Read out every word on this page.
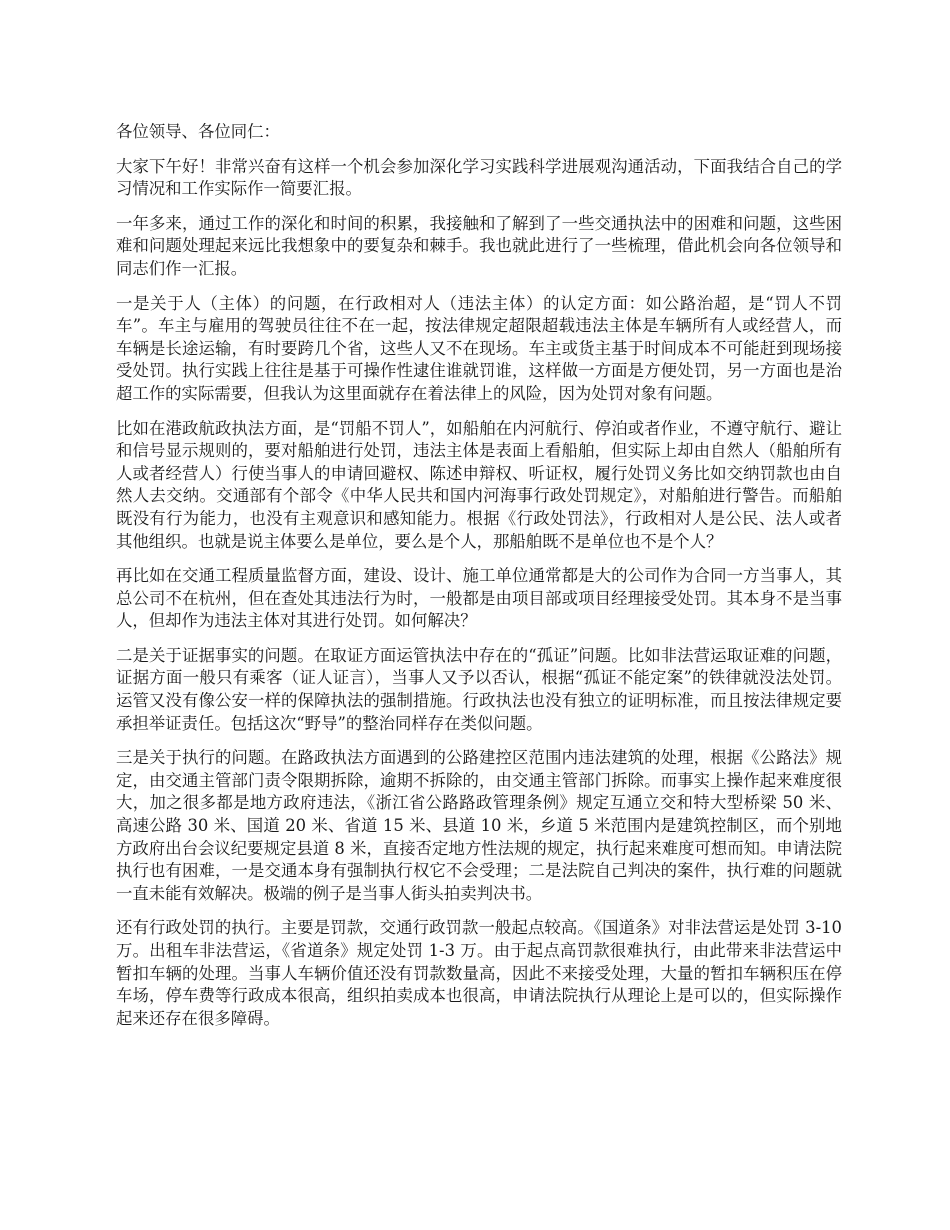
各位领导、各位同仁：

大家下午好！非常兴奋有这样一个机会参加深化学习实践科学进展观沟通活动，下面我结合自己的学习情况和工作实际作一简要汇报。

一年多来，通过工作的深化和时间的积累，我接触和了解到了一些交通执法中的困难和问题，这些困难和问题处理起来远比我想象中的要复杂和棘手。我也就此进行了一些梳理，借此机会向各位领导和同志们作一汇报。

一是关于人（主体）的问题，在行政相对人（违法主体）的认定方面：如公路治超，是“罚人不罚车”。车主与雇用的驾驶员往往不在一起，按法律规定超限超载违法主体是车辆所有人或经营人，而车辆是长途运输，有时要跨几个省，这些人又不在现场。车主或货主基于时间成本不可能赶到现场接受处罚。执行实践上往往是基于可操作性逮住谁就罚谁，这样做一方面是方便处罚，另一方面也是治超工作的实际需要，但我认为这里面就存在着法律上的风险，因为处罚对象有问题。

比如在港政航政执法方面，是“罚船不罚人”，如船舶在内河航行、停泊或者作业，不遵守航行、避让和信号显示规则的，要对船舶进行处罚，违法主体是表面上看船舶，但实际上却由自然人（船舶所有人或者经营人）行使当事人的申请回避权、陈述申辩权、听证权，履行处罚义务比如交纳罚款也由自然人去交纳。交通部有个部令《中华人民共和国内河海事行政处罚规定》，对船舶进行警告。而船舶既没有行为能力，也没有主观意识和感知能力。根据《行政处罚法》，行政相对人是公民、法人或者其他组织。也就是说主体要么是单位，要么是个人，那船舶既不是单位也不是个人？

再比如在交通工程质量监督方面，建设、设计、施工单位通常都是大的公司作为合同一方当事人，其总公司不在杭州，但在查处其违法行为时，一般都是由项目部或项目经理接受处罚。其本身不是当事人，但却作为违法主体对其进行处罚。如何解决？

二是关于证据事实的问题。在取证方面运管执法中存在的“孤证”问题。比如非法营运取证难的问题，证据方面一般只有乘客（证人证言），当事人又予以否认，根据“孤证不能定案”的铁律就没法处罚。运管又没有像公安一样的保障执法的强制措施。行政执法也没有独立的证明标准，而且按法律规定要承担举证责任。包括这次“野导”的整治同样存在类似问题。

三是关于执行的问题。在路政执法方面遇到的公路建控区范围内违法建筑的处理，根据《公路法》规定，由交通主管部门责令限期拆除，逾期不拆除的，由交通主管部门拆除。而事实上操作起来难度很大，加之很多都是地方政府违法，《浙江省公路路政管理条例》规定互通立交和特大型桥梁 50 米、高速公路 30 米、国道 20 米、省道 15 米、县道 10 米，乡道 5 米范围内是建筑控制区，而个别地方政府出台会议纪要规定县道 8 米，直接否定地方性法规的规定，执行起来难度可想而知。申请法院执行也有困难，一是交通本身有强制执行权它不会受理；二是法院自己判决的案件，执行难的问题就一直未能有效解决。极端的例子是当事人街头拍卖判决书。

还有行政处罚的执行。主要是罚款，交通行政罚款一般起点较高。《国道条》对非法营运是处罚 3-10 万。出租车非法营运，《省道条》规定处罚 1-3 万。由于起点高罚款很难执行，由此带来非法营运中暂扣车辆的处理。当事人车辆价值还没有罚款数量高，因此不来接受处理，大量的暂扣车辆积压在停车场，停车费等行政成本很高，组织拍卖成本也很高，申请法院执行从理论上是可以的，但实际操作起来还存在很多障碍。
